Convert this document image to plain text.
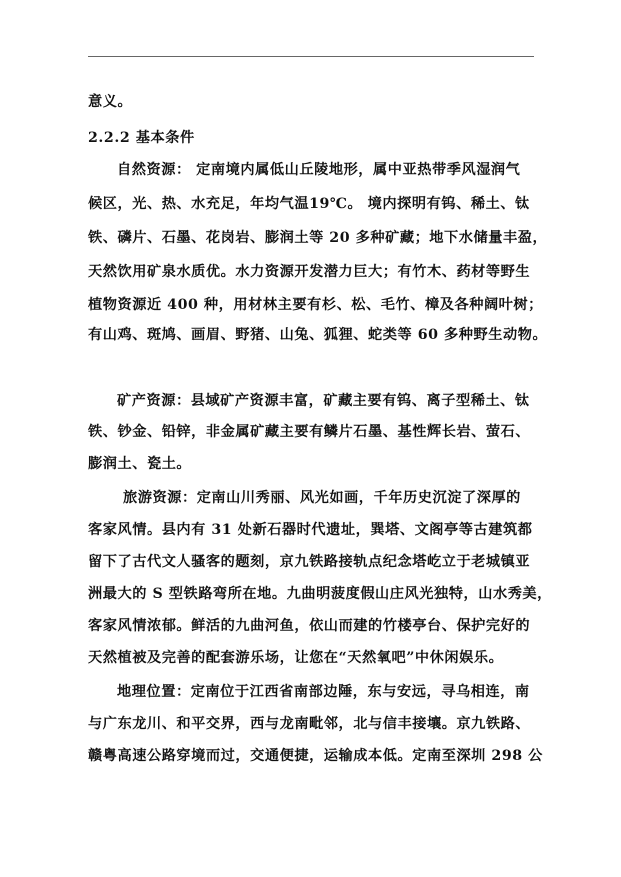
意义。
2.2.2 基本条件
自然资源： 定南境内属低山丘陵地形，属中亚热带季风湿润气
候区，光、热、水充足，年均气温19℃。 境内探明有钨、稀土、钛
铁、磷片、石墨、花岗岩、膨润土等 20 多种矿藏；地下水储量丰盈，
天然饮用矿泉水质优。水力资源开发潜力巨大；有竹木、药材等野生
植物资源近 400 种，用材林主要有杉、松、毛竹、樟及各种阔叶树；
有山鸡、斑鸠、画眉、野猪、山兔、狐狸、蛇类等 60 多种野生动物。
矿产资源：县域矿产资源丰富，矿藏主要有钨、离子型稀土、钛
铁、钞金、铅锌，非金属矿藏主要有鳞片石墨、基性辉长岩、萤石、
膨润土、瓷土。
旅游资源：定南山川秀丽、风光如画，千年历史沉淀了深厚的
客家风情。县内有 31 处新石器时代遗址，巽塔、文阁亭等古建筑都
留下了古代文人骚客的题刻，京九铁路接轨点纪念塔屹立于老城镇亚
洲最大的 S 型铁路弯所在地。九曲明菠度假山庄风光独特，山水秀美，
客家风情浓郁。鲜活的九曲河鱼，依山而建的竹楼亭台、保护完好的
天然植被及完善的配套游乐场，让您在“天然氧吧”中休闲娱乐。
地理位置：定南位于江西省南部边陲，东与安远，寻乌相连，南
与广东龙川、和平交界，西与龙南毗邻，北与信丰接壤。京九铁路、
赣粤高速公路穿境而过，交通便捷，运输成本低。定南至深圳 298 公
